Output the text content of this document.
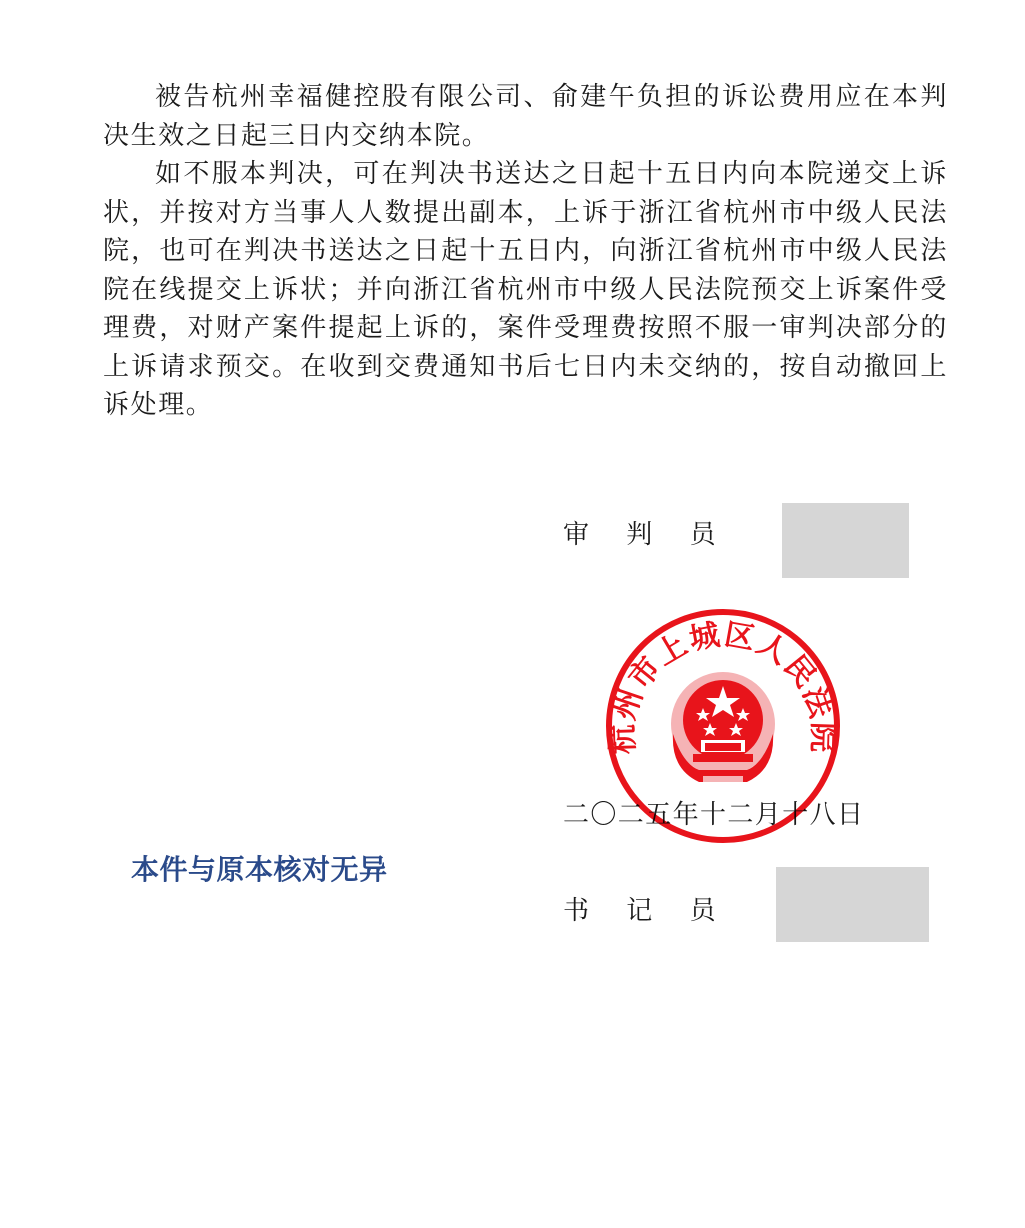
被告杭州幸福健控股有限公司、俞建午负担的诉讼费用应在本判决生效之日起三日内交纳本院。

如不服本判决，可在判决书送达之日起十五日内向本院递交上诉状，并按对方当事人人数提出副本，上诉于浙江省杭州市中级人民法院，也可在判决书送达之日起十五日内，向浙江省杭州市中级人民法院在线提交上诉状；并向浙江省杭州市中级人民法院预交上诉案件受理费，对财产案件提起上诉的，案件受理费按照不服一审判决部分的上诉请求预交。在收到交费通知书后七日内未交纳的，按自动撤回上诉处理。

审 判 员
二〇二五年十二月十八日
杭州市上城区人民法院
本件与原本核对无异
书 记 员
